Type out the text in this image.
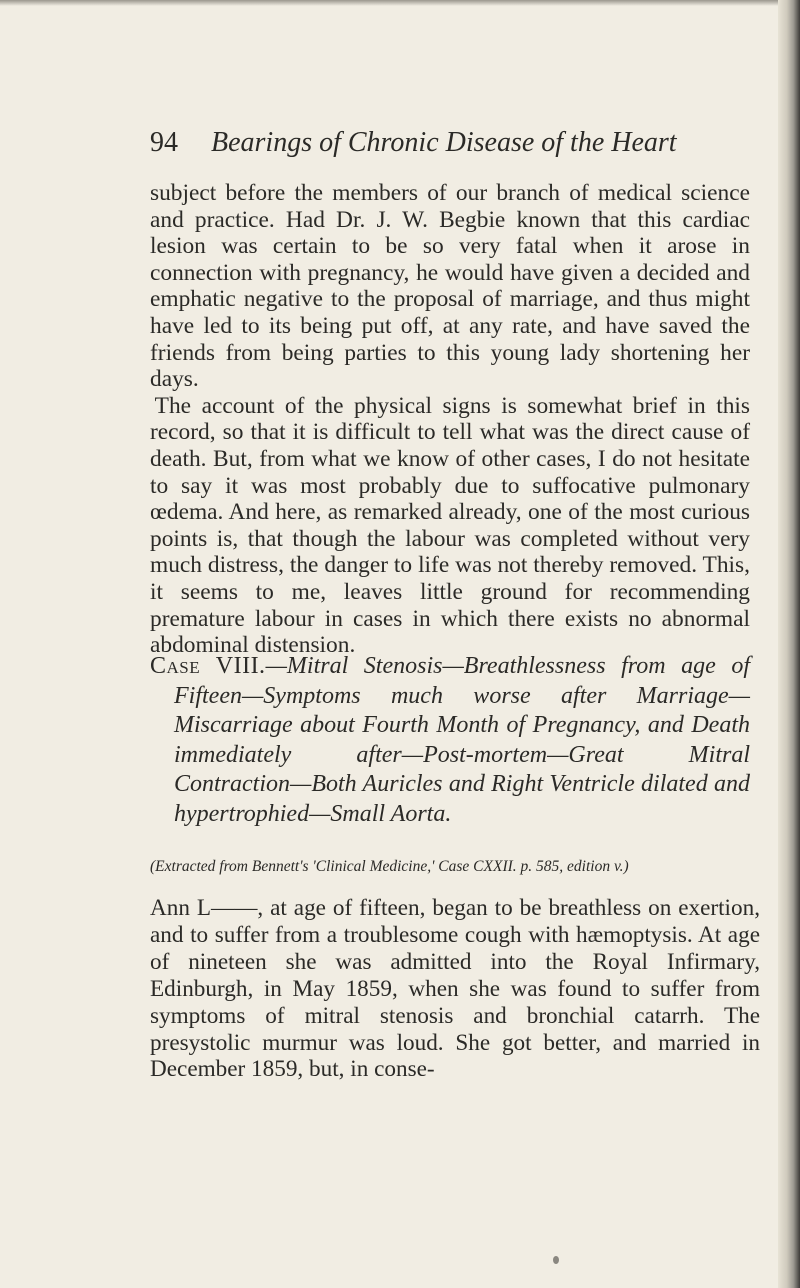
94 Bearings of Chronic Disease of the Heart

subject before the members of our branch of medical science and practice. Had Dr. J. W. Begbie known that this cardiac lesion was certain to be so very fatal when it arose in connection with pregnancy, he would have given a decided and emphatic negative to the proposal of marriage, and thus might have led to its being put off, at any rate, and have saved the friends from being parties to this young lady shortening her days.

The account of the physical signs is somewhat brief in this record, so that it is difficult to tell what was the direct cause of death. But, from what we know of other cases, I do not hesitate to say it was most probably due to suffocative pulmonary œdema. And here, as remarked already, one of the most curious points is, that though the labour was completed without very much distress, the danger to life was not thereby removed. This, it seems to me, leaves little ground for recommending premature labour in cases in which there exists no abnormal abdominal distension.

Case VIII.—Mitral Stenosis—Breathlessness from age of Fifteen—Symptoms much worse after Marriage—Miscarriage about Fourth Month of Pregnancy, and Death immediately after—Post-mortem—Great Mitral Contraction—Both Auricles and Right Ventricle dilated and hypertrophied—Small Aorta.

(Extracted from Bennett's 'Clinical Medicine,' Case CXXII. p. 585, edition v.)

Ann L——, at age of fifteen, began to be breathless on exertion, and to suffer from a troublesome cough with hæmoptysis. At age of nineteen she was admitted into the Royal Infirmary, Edinburgh, in May 1859, when she was found to suffer from symptoms of mitral stenosis and bronchial catarrh. The presystolic murmur was loud. She got better, and married in December 1859, but, in conse-
